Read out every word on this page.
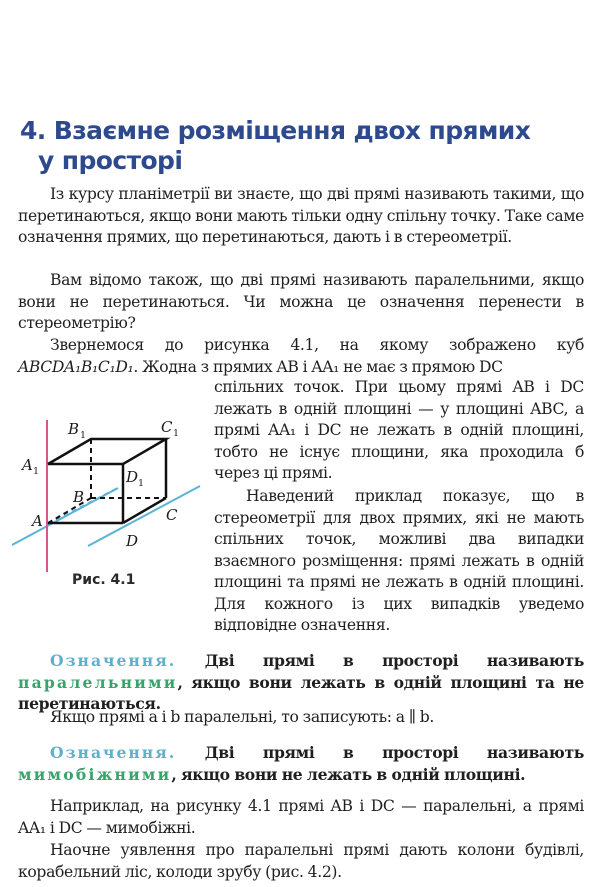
4. Взаємне розміщення двох прямих
у просторі
Із курсу планіметрії ви знаєте, що дві прямі називають такими, що перетинаються, якщо вони мають тільки одну спільну точку. Таке саме означення прямих, що перетинаються, дають і в стереометрії.
Вам відомо також, що дві прямі називають паралельними, якщо вони не перетинаються. Чи можна це означення перенести в стереометрію?
Звернемося до рисунка 4.1, на якому зображено куб ABCDA₁B₁C₁D₁. Жодна з прямих AB і AA₁ не має з прямою DC
B 1	C 1
A 1	D 1
B
A	C
D
Рис. 4.1
спільних точок. При цьому прямі AB і DC лежать в одній площині — у площині ABC, а прямі AA₁ і DC не лежать в одній площині, тобто не існує площини, яка проходила б через ці прямі.
Наведений приклад показує, що в стереометрії для двох прямих, які не мають спільних точок, можливі два випадки взаємного розміщення: прямі лежать в одній площині та прямі не лежать в одній площині. Для кожного із цих випадків уведемо відповідне означення.
Означення. Дві прямі в просторі називають паралельними, якщо вони лежать в одній площині та не перетинаються.
Якщо прямі a і b паралельні, то записують: a ∥ b.
Означення. Дві прямі в просторі називають мимобіжними, якщо вони не лежать в одній площині.
Наприклад, на рисунку 4.1 прямі AB і DC — паралельні, а прямі AA₁ і DC — мимобіжні.
Наочне уявлення про паралельні прямі дають колони будівлі, корабельний ліс, колоди зрубу (рис. 4.2).
